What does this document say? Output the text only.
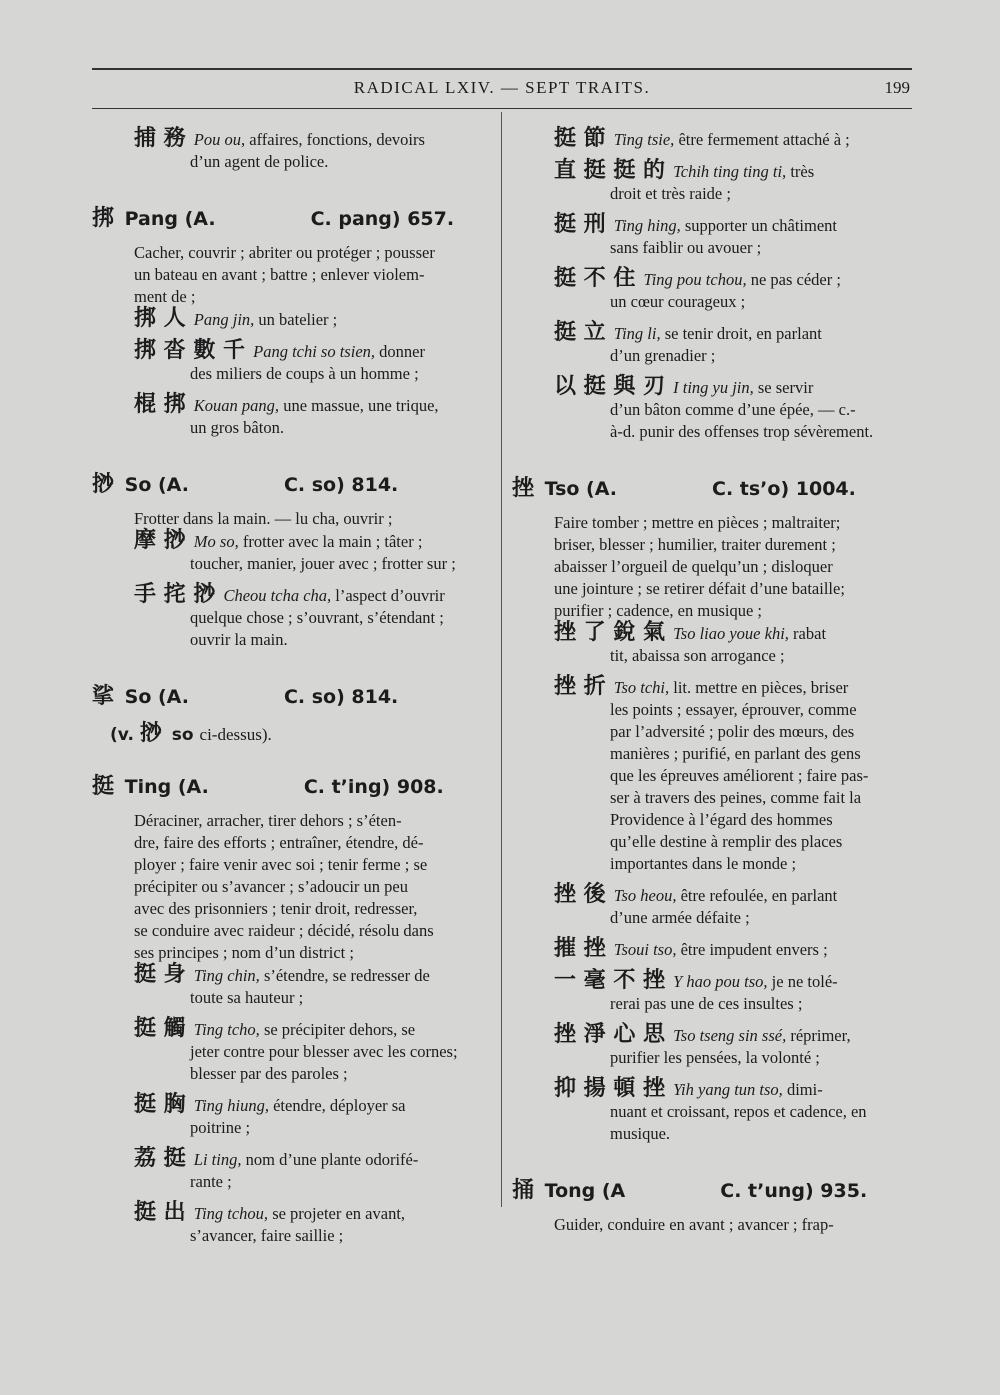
RADICAL LXIV. — SEPT TRAITS.	199
捕 務 Pou ou, affaires, fonctions, devoirs
d’un agent de police.
挷 Pang (A.	C. pang) 657.
Cacher, couvrir ; abriter ou protéger ; pousser
un bateau en avant ; battre ; enlever violem-
ment de ;
挷 人 Pang jin, un batelier ;
挷 沓 數 千 Pang tchi so tsien, donner
des miliers de coups à un homme ;
棍 挷 Kouan pang, une massue, une trique,
un gros bâton.
挱 So (A.	C. so) 814.
Frotter dans la main. — lu cha, ouvrir ;
摩 挱 Mo so, frotter avec la main ; tâter ;
toucher, manier, jouer avec ; frotter sur ;
手 挓 挱 Cheou tcha cha, l’aspect d’ouvrir
quelque chose ; s’ouvrant, s’étendant ;
ouvrir la main.
挲 So (A.	C. so) 814.
(v. 挱 so ci-dessus).
挺 Ting (A.	C. t’ing) 908.
Déraciner, arracher, tirer dehors ; s’éten-
dre, faire des efforts ; entraîner, étendre, dé-
ployer ; faire venir avec soi ; tenir ferme ; se
précipiter ou s’avancer ; s’adoucir un peu
avec des prisonniers ; tenir droit, redresser,
se conduire avec raideur ; décidé, résolu dans
ses principes ; nom d’un district ;
挺 身 Ting chin, s’étendre, se redresser de
toute sa hauteur ;
挺 觸 Ting tcho, se précipiter dehors, se
jeter contre pour blesser avec les cornes;
blesser par des paroles ;
挺 胸 Ting hiung, étendre, déployer sa
poitrine ;
荔 挺 Li ting, nom d’une plante odorifé-
rante ;
挺 出 Ting tchou, se projeter en avant,
s’avancer, faire saillie ;
挺 節 Ting tsie, être fermement attaché à ;
直 挺 挺 的 Tchih ting ting ti, très
droit et très raide ;
挺 刑 Ting hing, supporter un châtiment
sans faiblir ou avouer ;
挺 不 住 Ting pou tchou, ne pas céder ;
un cœur courageux ;
挺 立 Ting li, se tenir droit, en parlant
d’un grenadier ;
以 挺 與 刃 I ting yu jin, se servir
d’un bâton comme d’une épée, — c.-
à-d. punir des offenses trop sévèrement.
挫 Tso (A.	C. ts’o) 1004.
Faire tomber ; mettre en pièces ; maltraiter;
briser, blesser ; humilier, traiter durement ;
abaisser l’orgueil de quelqu’un ; disloquer
une jointure ; se retirer défait d’une bataille;
purifier ; cadence, en musique ;
挫 了 銳 氣 Tso liao youe khi, rabat
tit, abaissa son arrogance ;
挫 折 Tso tchi, lit. mettre en pièces, briser
les points ; essayer, éprouver, comme
par l’adversité ; polir des mœurs, des
manières ; purifié, en parlant des gens
que les épreuves améliorent ; faire pas-
ser à travers des peines, comme fait la
Providence à l’égard des hommes
qu’elle destine à remplir des places
importantes dans le monde ;
挫 後 Tso heou, être refoulée, en parlant
d’une armée défaite ;
摧 挫 Tsoui tso, être impudent envers ;
一 毫 不 挫 Y hao pou tso, je ne tolé-
rerai pas une de ces insultes ;
挫 淨 心 思 Tso tseng sin ssé, réprimer,
purifier les pensées, la volonté ;
抑 揚 頓 挫 Yih yang tun tso, dimi-
nuant et croissant, repos et cadence, en
musique.
捅 Tong (A	C. t’ung) 935.
Guider, conduire en avant ; avancer ; frap-
